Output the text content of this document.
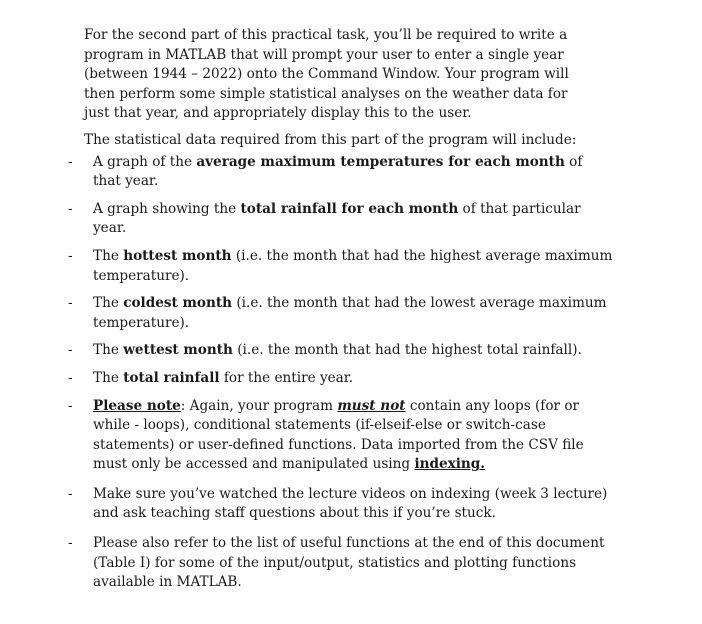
For the second part of this practical task, you’ll be required to write a program in MATLAB that will prompt your user to enter a single year (between 1944 – 2022) onto the Command Window. Your program will then perform some simple statistical analyses on the weather data for just that year, and appropriately display this to the user.

The statistical data required from this part of the program will include:

- A graph of the average maximum temperatures for each month of that year.
- A graph showing the total rainfall for each month of that particular year.
- The hottest month (i.e. the month that had the highest average maximum temperature).
- The coldest month (i.e. the month that had the lowest average maximum temperature).
- The wettest month (i.e. the month that had the highest total rainfall).
- The total rainfall for the entire year.
- Please note: Again, your program must not contain any loops (for or while - loops), conditional statements (if-elseif-else or switch-case statements) or user-defined functions. Data imported from the CSV file must only be accessed and manipulated using indexing.
- Make sure you’ve watched the lecture videos on indexing (week 3 lecture) and ask teaching staff questions about this if you’re stuck.
- Please also refer to the list of useful functions at the end of this document (Table I) for some of the input/output, statistics and plotting functions available in MATLAB.
